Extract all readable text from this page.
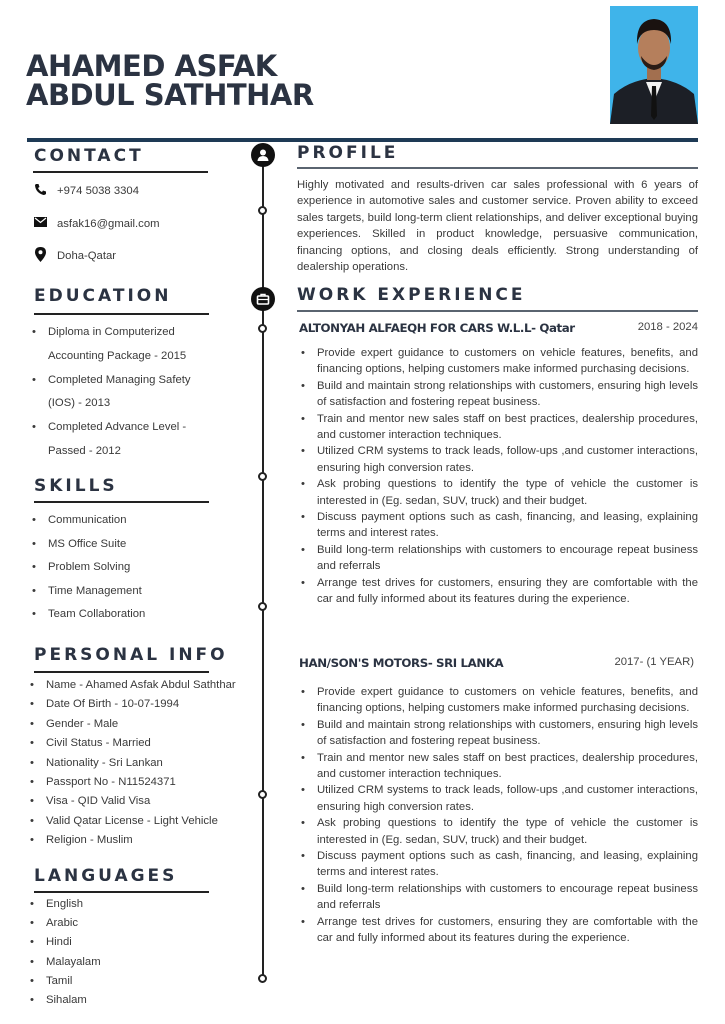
AHAMED ASFAK
ABDUL SATHTHAR
CONTACT
+974 5038 3304
asfak16@gmail.com
Doha-Qatar
EDUCATION
• Diploma in Computerized
Accounting Package - 2015
• Completed Managing Safety
(IOS) - 2013
• Completed Advance Level -
Passed - 2012
SKILLS
• Communication
• MS Office Suite
• Problem Solving
• Time Management
• Team Collaboration
PERSONAL INFO
• Name - Ahamed Asfak Abdul Saththar
• Date Of Birth - 10-07-1994
• Gender - Male
• Civil Status - Married
• Nationality - Sri Lankan
• Passport No - N11524371
• Visa - QID Valid Visa
• Valid Qatar License - Light Vehicle
• Religion - Muslim
LANGUAGES
• English
• Arabic
• Hindi
• Malayalam
• Tamil
• Sihalam
PROFILE

Highly motivated and results-driven car sales professional with 6 years of experience in automotive sales and customer service. Proven ability to exceed sales targets, build long-term client relationships, and deliver exceptional buying experiences. Skilled in product knowledge, persuasive communication, financing options, and closing deals efficiently. Strong understanding of dealership operations.

WORK EXPERIENCE
ALTONYAH ALFAEQH FOR CARS W.L.L- Qatar	2018 - 2024
• Provide expert guidance to customers on vehicle features, benefits, and financing options, helping customers make informed purchasing decisions.
• Build and maintain strong relationships with customers, ensuring high levels of satisfaction and fostering repeat business.
• Train and mentor new sales staff on best practices, dealership procedures, and customer interaction techniques.
• Utilized CRM systems to track leads, follow-ups ,and customer interactions, ensuring high conversion rates.
• Ask probing questions to identify the type of vehicle the customer is interested in (Eg. sedan, SUV, truck) and their budget.
• Discuss payment options such as cash, financing, and leasing, explaining terms and interest rates.
• Build long-term relationships with customers to encourage repeat business and referrals
• Arrange test drives for customers, ensuring they are comfortable with the car and fully informed about its features during the experience.
HAN/SON'S MOTORS- SRI LANKA	2017- (1 YEAR)
• Provide expert guidance to customers on vehicle features, benefits, and financing options, helping customers make informed purchasing decisions.
• Build and maintain strong relationships with customers, ensuring high levels of satisfaction and fostering repeat business.
• Train and mentor new sales staff on best practices, dealership procedures, and customer interaction techniques.
• Utilized CRM systems to track leads, follow-ups ,and customer interactions, ensuring high conversion rates.
• Ask probing questions to identify the type of vehicle the customer is interested in (Eg. sedan, SUV, truck) and their budget.
• Discuss payment options such as cash, financing, and leasing, explaining terms and interest rates.
• Build long-term relationships with customers to encourage repeat business and referrals
• Arrange test drives for customers, ensuring they are comfortable with the car and fully informed about its features during the experience.
